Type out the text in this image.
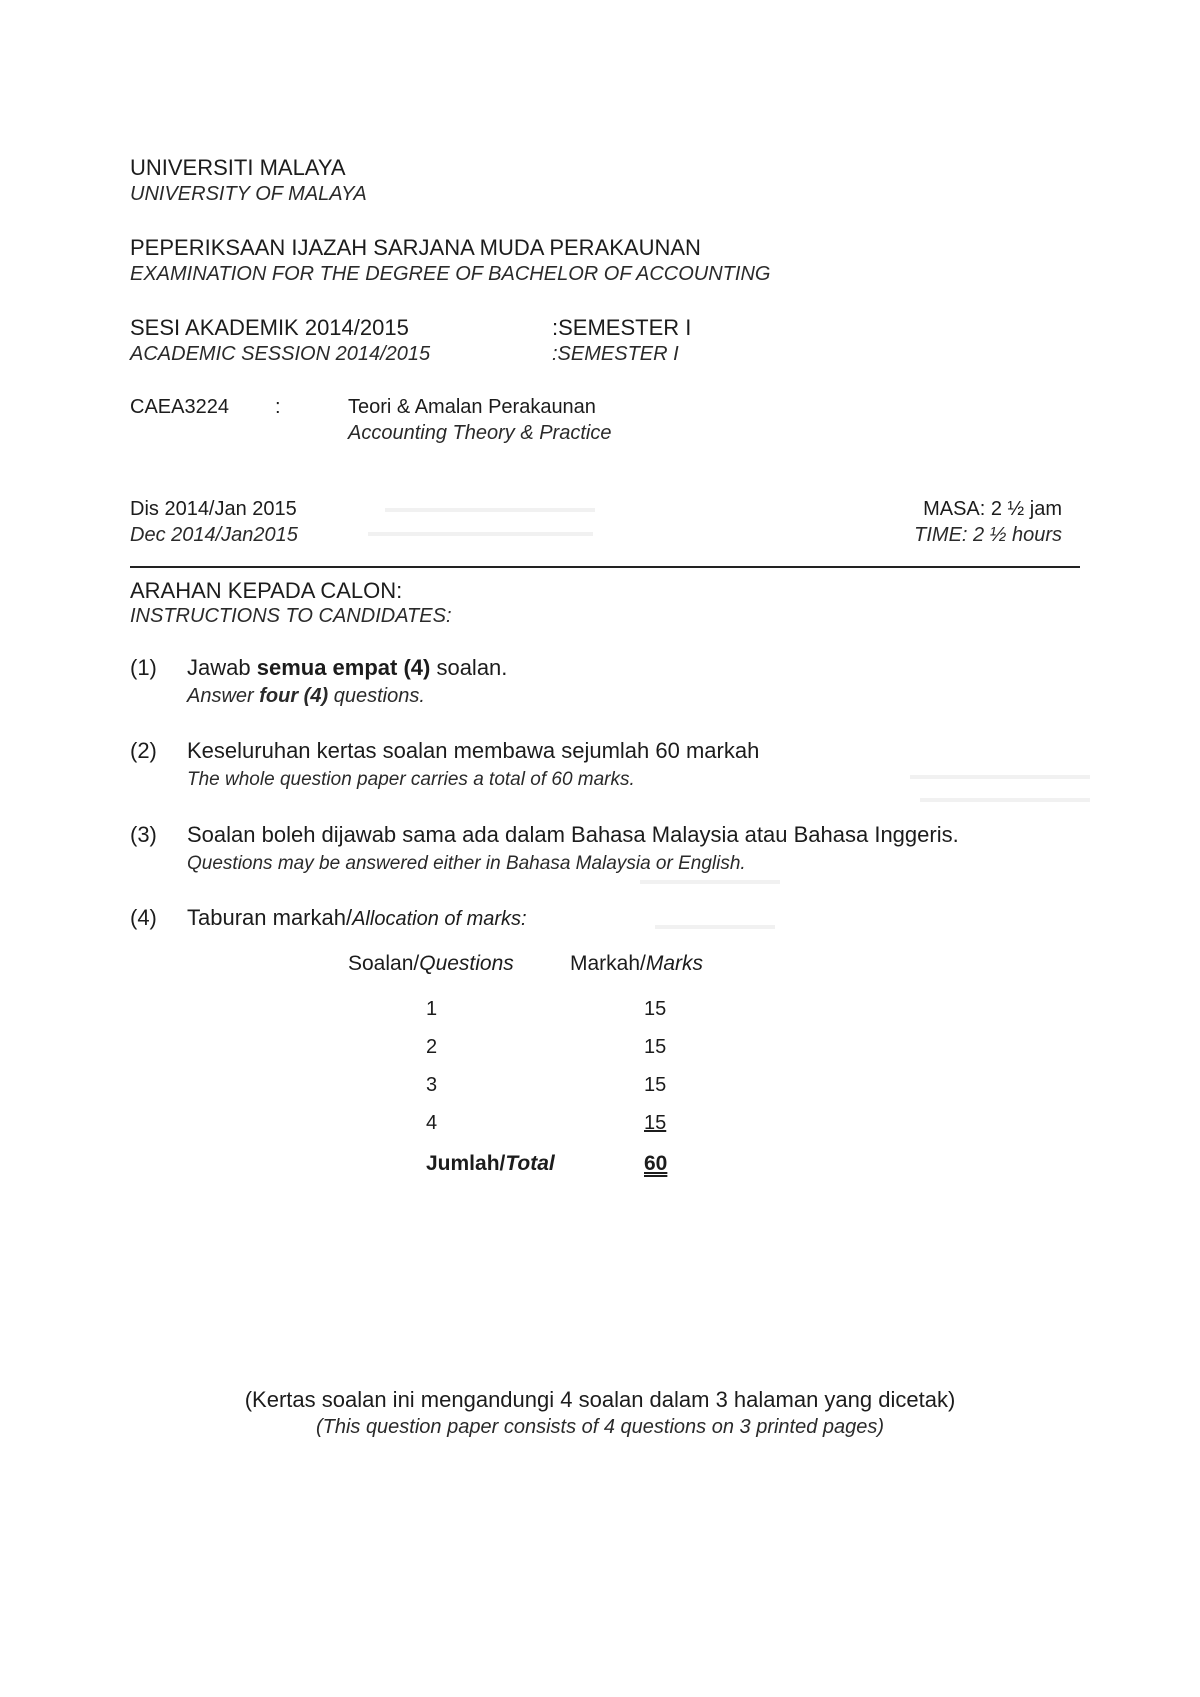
UNIVERSITI MALAYA
UNIVERSITY OF MALAYA
PEPERIKSAAN IJAZAH SARJANA MUDA PERAKAUNAN
EXAMINATION FOR THE DEGREE OF BACHELOR OF ACCOUNTING
SESI AKADEMIK 2014/2015
ACADEMIC SESSION 2014/2015
:SEMESTER I
:SEMESTER I
CAEA3224 :	Teori & Amalan Perakaunan
Accounting Theory & Practice
Dis 2014/Jan 2015
Dec 2014/Jan2015
MASA: 2 ½ jam
TIME: 2 ½ hours
ARAHAN KEPADA CALON:
INSTRUCTIONS TO CANDIDATES:
(1) Jawab semua empat (4) soalan.
Answer four (4) questions.
(2) Keseluruhan kertas soalan membawa sejumlah 60 markah
The whole question paper carries a total of 60 marks.
(3) Soalan boleh dijawab sama ada dalam Bahasa Malaysia atau Bahasa Inggeris.
Questions may be answered either in Bahasa Malaysia or English.
(4) Taburan markah/Allocation of marks:
Soalan/Questions	Markah/Marks
1	15
2	15
3	15
4	15
Jumlah/Total	60
(Kertas soalan ini mengandungi 4 soalan dalam 3 halaman yang dicetak)
(This question paper consists of 4 questions on 3 printed pages)
